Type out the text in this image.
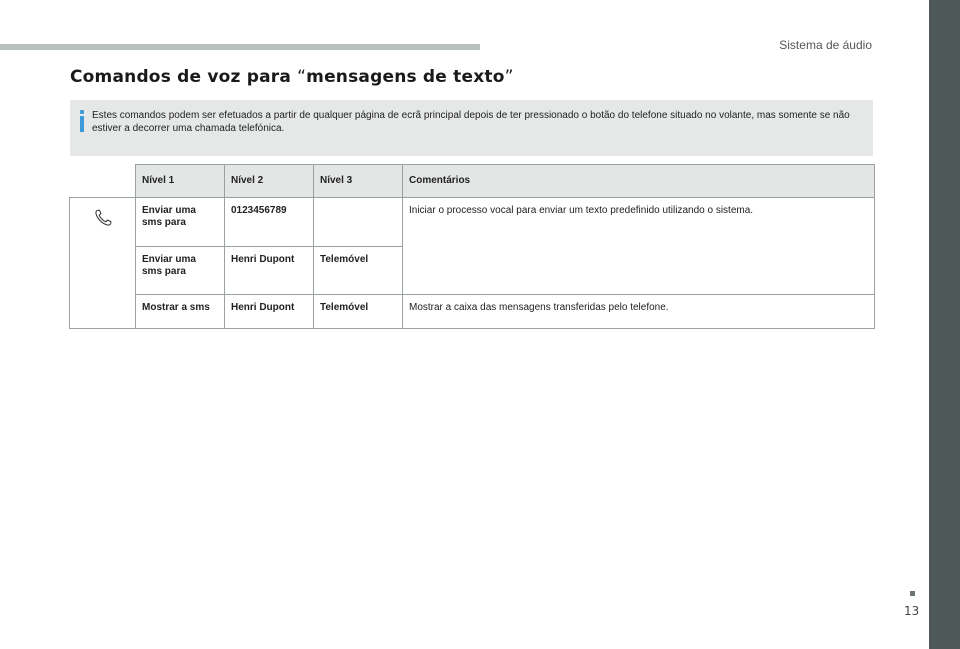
Sistema de áudio
Comandos de voz para “mensagens de texto”
Estes comandos podem ser efetuados a partir de qualquer página de ecrã principal depois de ter pressionado o botão do telefone situado no volante, mas somente se não estiver a decorrer uma chamada telefónica.
	Nível 1	Nível 2	Nível 3	Comentários
	Enviar uma sms para	0123456789		Iniciar o processo vocal para enviar um texto predefinido utilizando o sistema.
	Enviar uma sms para	Henri Dupont	Telemóvel	
	Mostrar a sms	Henri Dupont	Telemóvel	Mostrar a caixa das mensagens transferidas pelo telefone.
13
